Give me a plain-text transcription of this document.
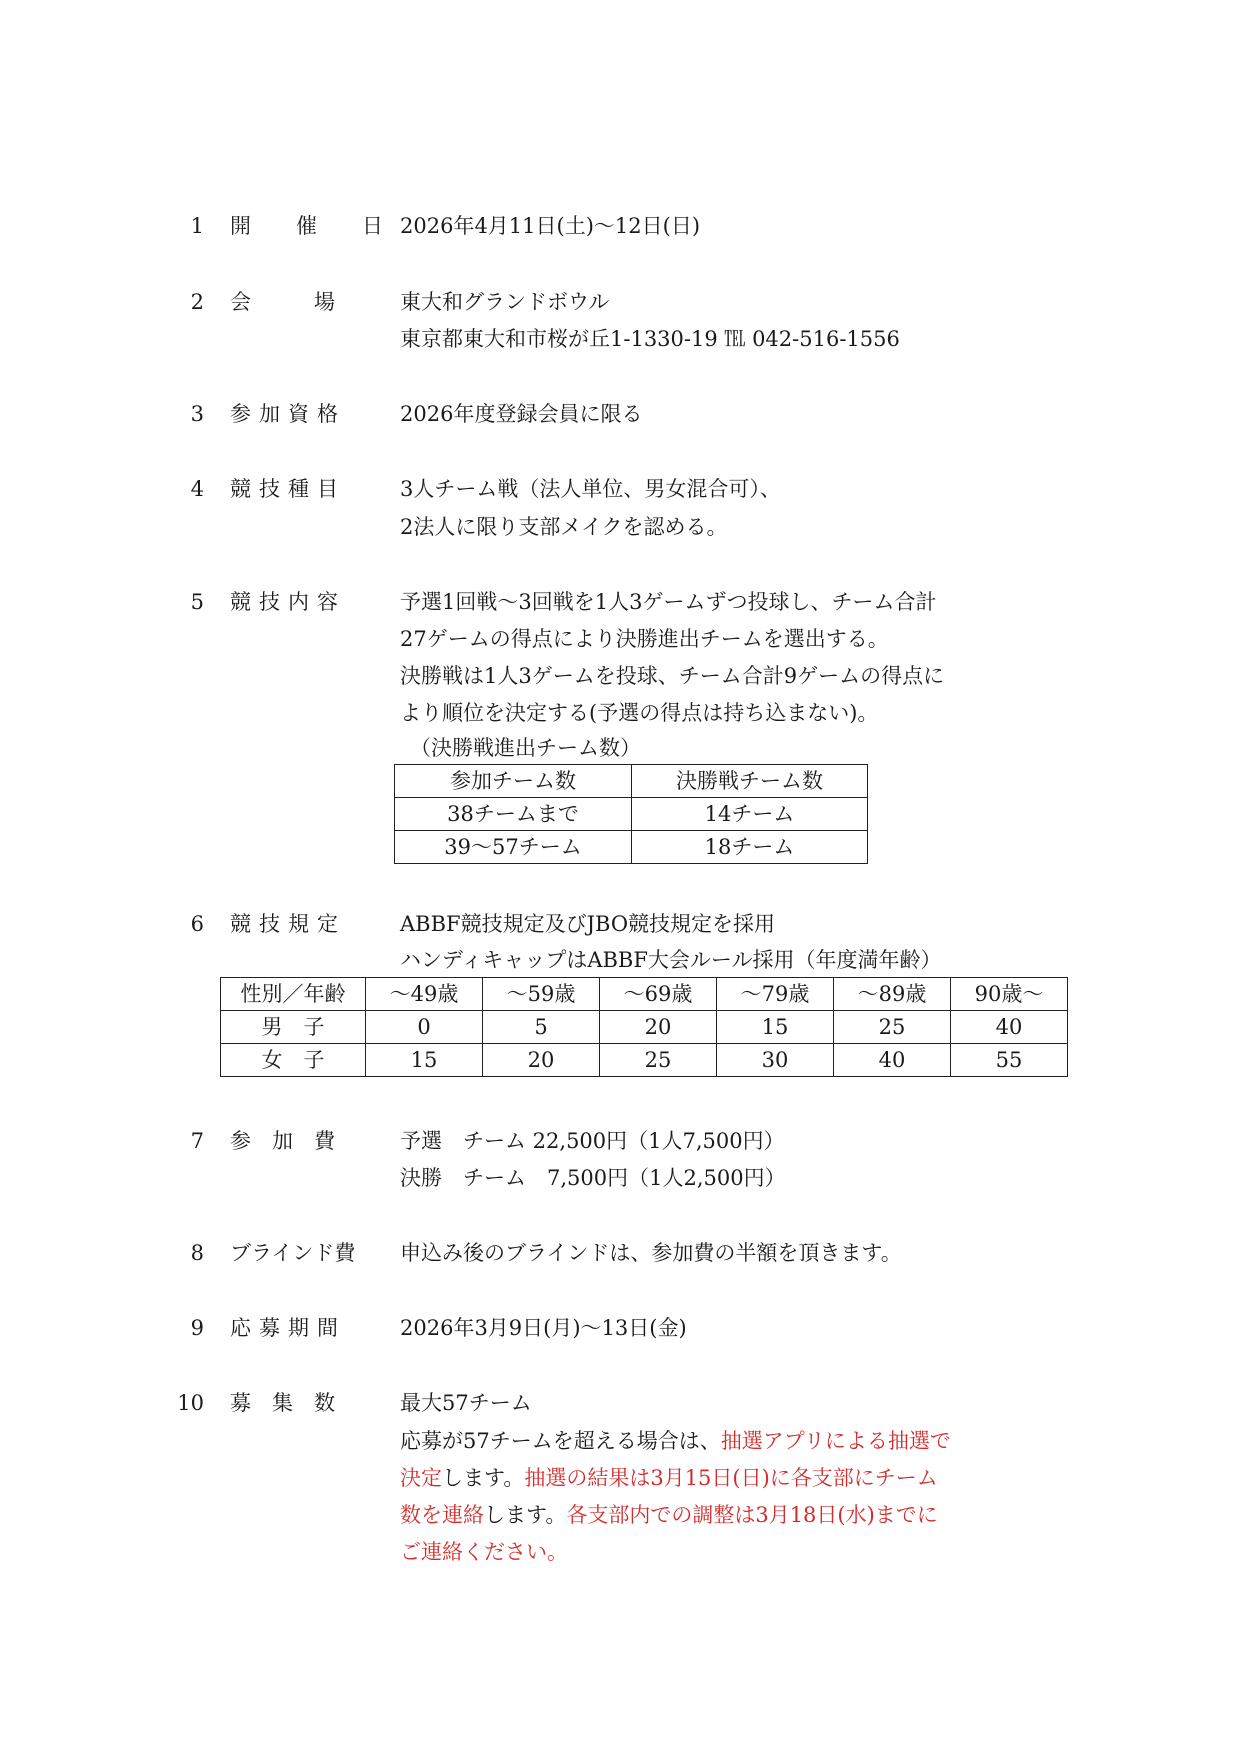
1 開　催　日 2026年4月11日(土)～12日(日)
2 会　　　場	東大和グランドボウル
東京都東大和市桜が丘1-1330-19 ℡ 042-516-1556
3 参加資格	2026年度登録会員に限る
4 競技種目	3人チーム戦（法人単位、男女混合可）、
2法人に限り支部メイクを認める。
5 競技内容	予選1回戦～3回戦を1人3ゲームずつ投球し、チーム合計
27ゲームの得点により決勝進出チームを選出する。
決勝戦は1人3ゲームを投球、チーム合計9ゲームの得点に
より順位を決定する(予選の得点は持ち込まない)。
（決勝戦進出チーム数）
参加チーム数	決勝戦チーム数
38チームまで	14チーム
39～57チーム	18チーム
6 競技規定	ABBF競技規定及びJBO競技規定を採用
ハンディキャップはABBF大会ルール採用（年度満年齢）
性別／年齢	～49歳	～59歳	～69歳	～79歳	～89歳	90歳～
男　子	0	5	20	15	25	40
女　子	15	20	25	30	40	55
7 参　加　費	予選　チーム 22,500円（1人7,500円）
決勝　チーム　7,500円（1人2,500円）
8 ブラインド費 申込み後のブラインドは、参加費の半額を頂きます。
9 応募期間	2026年3月9日(月)～13日(金)
10 募　集　数	最大57チーム
応募が57チームを超える場合は、抽選アプリによる抽選で
決定します。抽選の結果は3月15日(日)に各支部にチーム
数を連絡します。各支部内での調整は3月18日(水)までに
ご連絡ください。
